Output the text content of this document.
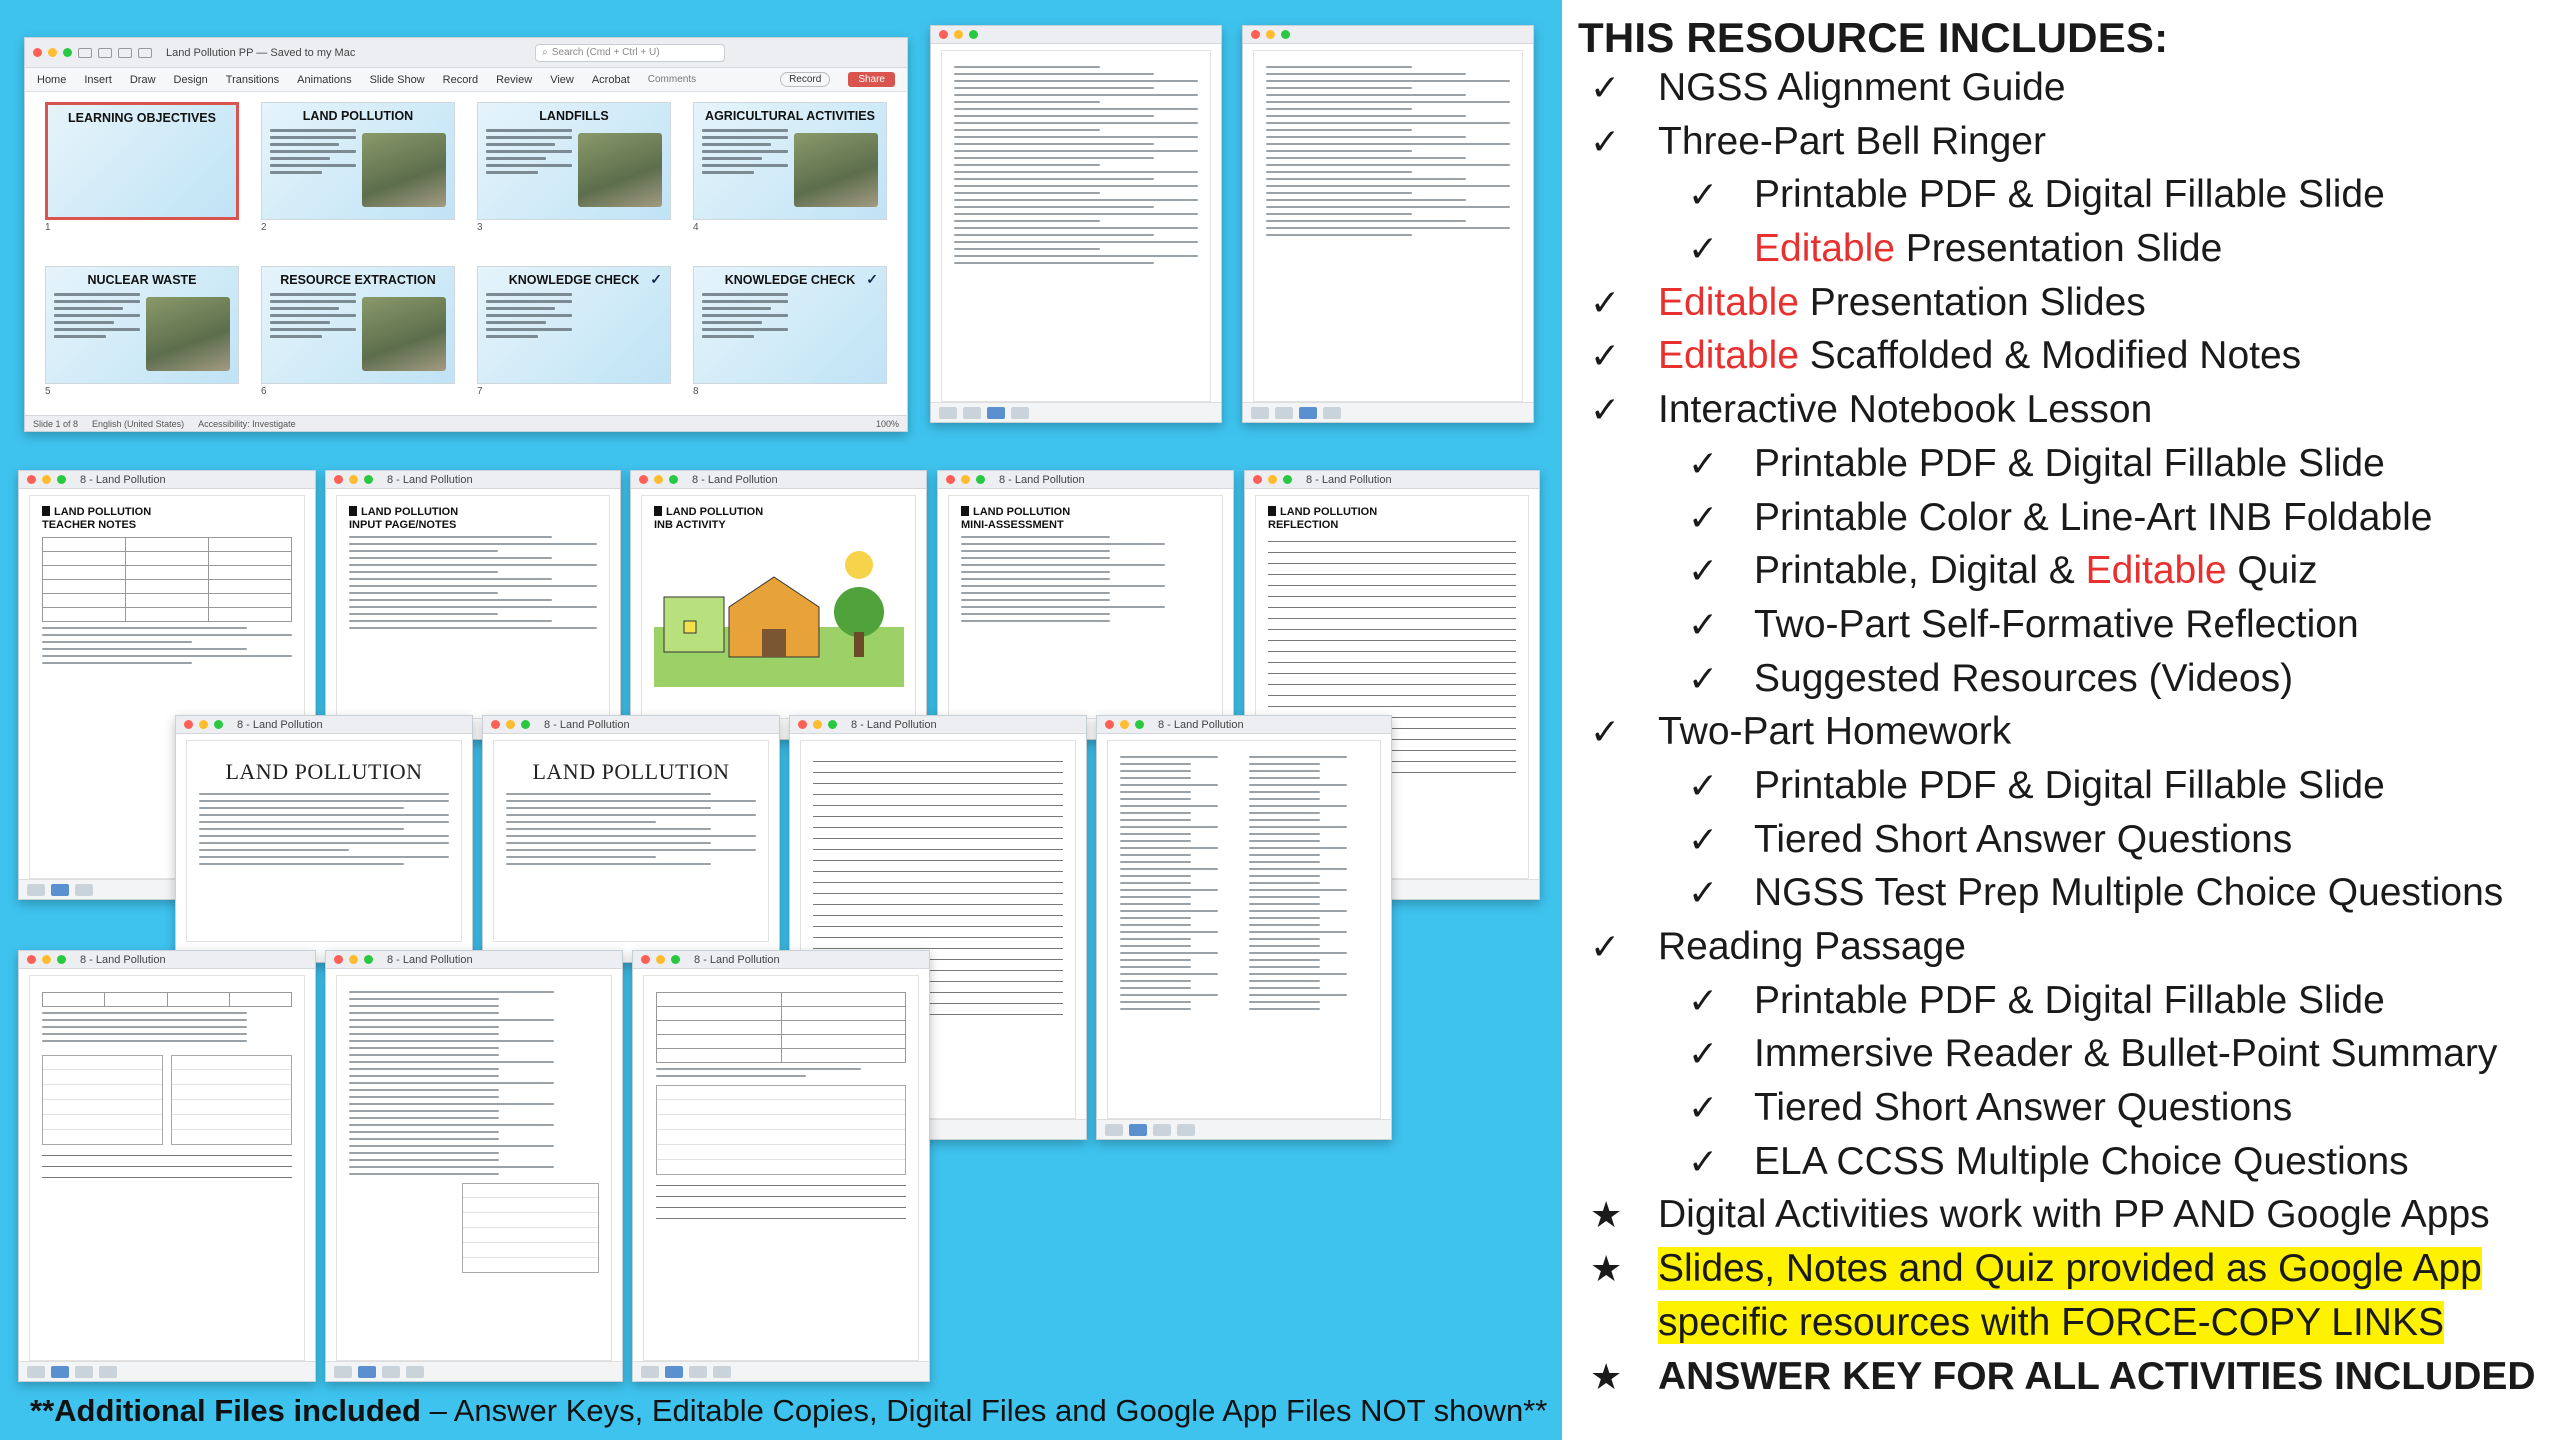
Land Pollution PP — Saved to my Mac	⌕ Search (Cmd + Ctrl + U)
Home Insert Draw Design Transitions Animations Slide Show Record Review View Acrobat Comments	Record	Share
LEARNING OBJECTIVES
1
LAND POLLUTION
2
LANDFILLS
3
AGRICULTURAL ACTIVITIES
4
NUCLEAR WASTE
5
RESOURCE EXTRACTION
6
KNOWLEDGE CHECK ✓
7
KNOWLEDGE CHECK ✓
8
Slide 1 of 8 English (United States) Accessibility: Investigate	100%
8 - Land Pollution
LAND POLLUTION
TEACHER NOTES

8 - Land Pollution
LAND POLLUTION
INPUT PAGE/NOTES
8 - Land Pollution
LAND POLLUTION
INB ACTIVITY
8 - Land Pollution
LAND POLLUTION
MINI-ASSESSMENT
8 - Land Pollution
LAND POLLUTION
REFLECTION
8 - Land Pollution
LAND POLLUTION
8 - Land Pollution
LAND POLLUTION
8 - Land Pollution	8 - Land Pollution
8 - Land Pollution
				8 - Land Pollution	8 - Land Pollution

**Additional Files included – Answer Keys, Editable Copies, Digital Files and Google App Files NOT shown**
THIS RESOURCE INCLUDES:
✓ NGSS Alignment Guide
✓ Three-Part Bell Ringer
✓ Printable PDF & Digital Fillable Slide
✓ Editable Presentation Slide
✓ Editable Presentation Slides
✓ Editable Scaffolded & Modified Notes
✓ Interactive Notebook Lesson
✓ Printable PDF & Digital Fillable Slide
✓ Printable Color & Line-Art INB Foldable
✓ Printable, Digital & Editable Quiz
✓ Two-Part Self-Formative Reflection
✓ Suggested Resources (Videos)
✓ Two-Part Homework
✓ Printable PDF & Digital Fillable Slide
✓ Tiered Short Answer Questions
✓ NGSS Test Prep Multiple Choice Questions
✓ Reading Passage
✓ Printable PDF & Digital Fillable Slide
✓ Immersive Reader & Bullet-Point Summary
✓ Tiered Short Answer Questions
✓ ELA CCSS Multiple Choice Questions
★ Digital Activities work with PP AND Google Apps
★ Slides, Notes and Quiz provided as Google App
specific resources with FORCE-COPY LINKS
★ ANSWER KEY FOR ALL ACTIVITIES INCLUDED
